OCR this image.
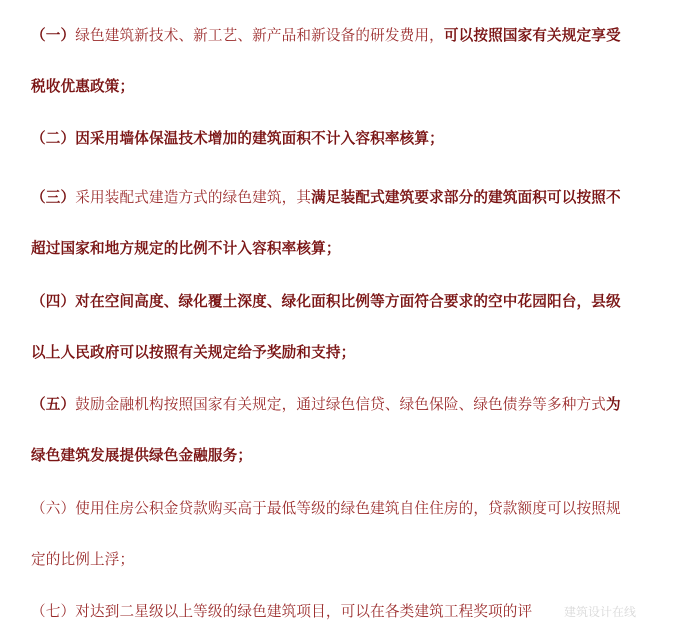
（一）绿色建筑新技术、新工艺、新产品和新设备的研发费用，可以按照国家有关规定享受
税收优惠政策；
（二）因采用墙体保温技术增加的建筑面积不计入容积率核算；
（三）采用装配式建造方式的绿色建筑，其满足装配式建筑要求部分的建筑面积可以按照不
超过国家和地方规定的比例不计入容积率核算；
（四）对在空间高度、绿化覆土深度、绿化面积比例等方面符合要求的空中花园阳台，县级
以上人民政府可以按照有关规定给予奖励和支持；
（五）鼓励金融机构按照国家有关规定，通过绿色信贷、绿色保险、绿色债券等多种方式为
绿色建筑发展提供绿色金融服务；
（六）使用住房公积金贷款购买高于最低等级的绿色建筑自住住房的，贷款额度可以按照规
定的比例上浮；
（七）对达到二星级以上等级的绿色建筑项目，可以在各类建筑工程奖项的评	建筑设计在线
